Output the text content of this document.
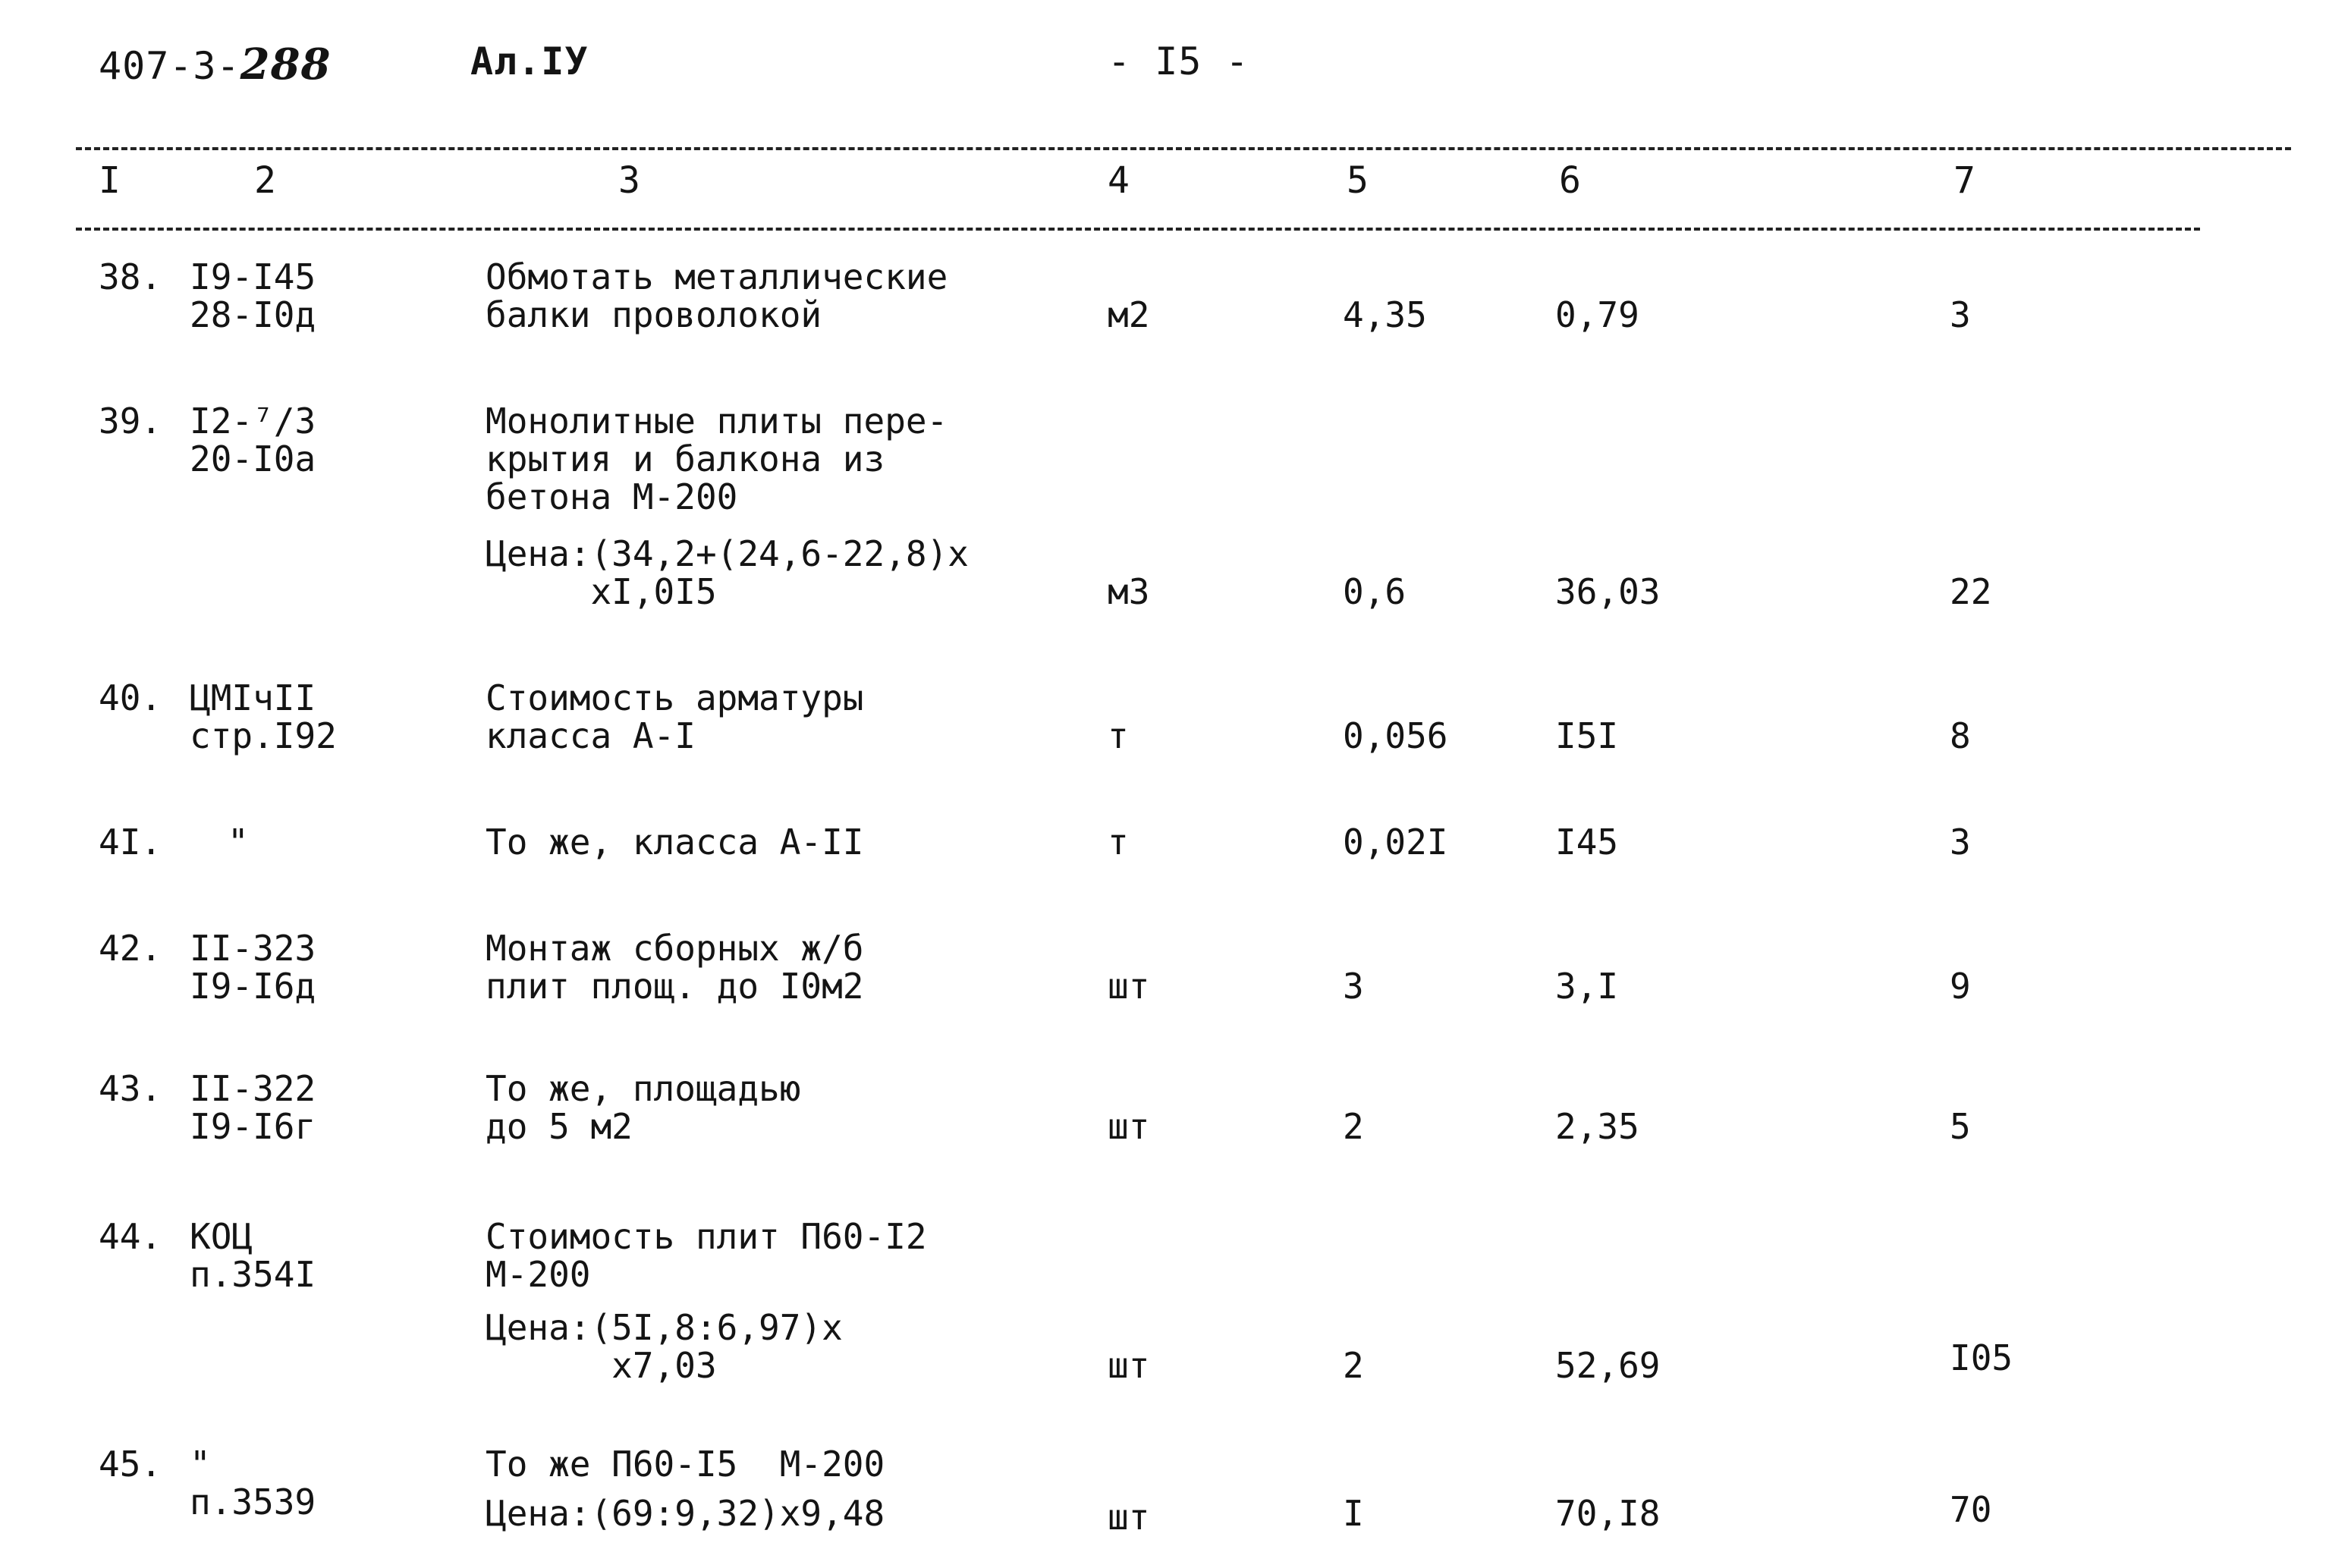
407-3-288	Ал.IУ	- I5 -
I	2	3	4	5	6	7
38. I9-I45
28-I0д
Обмотать металлические
балки проволокой	м2	4,35	0,79	3
39. I2-⁷/3
20-I0а
Монолитные плиты пере-
крытия и балкона из
бетона М-200
Цена:(34,2+(24,6-22,8)x
xI,0I5	м3	0,6	36,03	22
40. ЦМIчII
стр.I92
Стоимость арматуры
класса А-I	т	0,056	I5I	8
4I. "	То же, класса А-II	т	0,02I	I45	3
42. II-323
I9-I6д
Монтаж сборных ж/б
плит площ. до I0м2	шт	3	3,I	9
43. II-322
I9-I6г
То же, площадью
до 5 м2	шт	2	2,35	5
44. КОЦ
п.354I
Стоимость плит П60-I2
М-200
Цена:(5I,8:6,97)x
x7,03	шт	2	52,69	I05
45. "
п.3539
То же П60-I5  М-200
Цена:(69:9,32)x9,48	шт	I	70,I8	70
